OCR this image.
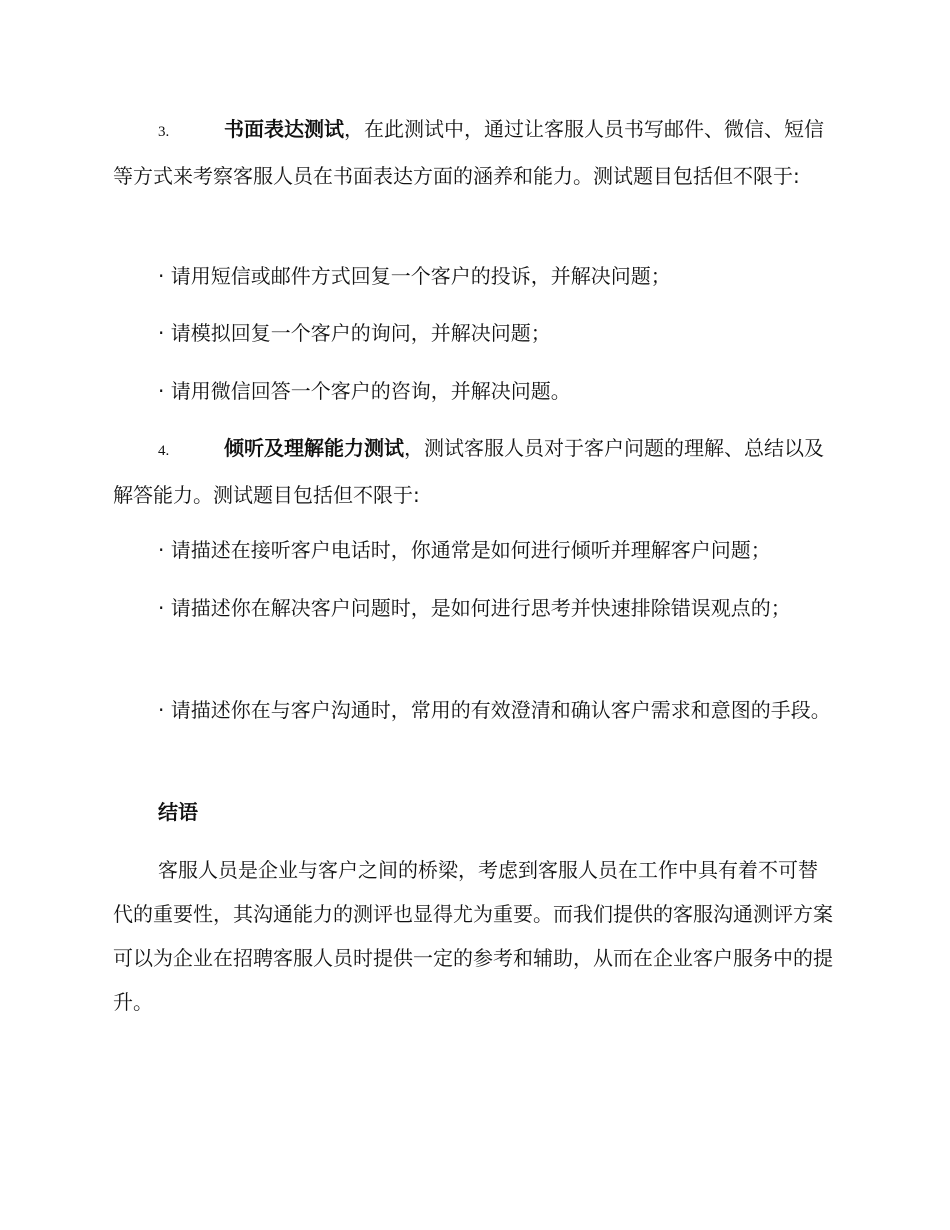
3.	书面表达测试，在此测试中，通过让客服人员书写邮件、微信、短信等方式来考察客服人员在书面表达方面的涵养和能力。测试题目包括但不限于:

· 请用短信或邮件方式回复一个客户的投诉，并解决问题；

· 请模拟回复一个客户的询问，并解决问题；

· 请用微信回答一个客户的咨询，并解决问题。

4.	倾听及理解能力测试，测试客服人员对于客户问题的理解、总结以及解答能力。测试题目包括但不限于:

· 请描述在接听客户电话时，你通常是如何进行倾听并理解客户问题；

· 请描述你在解决客户问题时，是如何进行思考并快速排除错误观点的；

· 请描述你在与客户沟通时，常用的有效澄清和确认客户需求和意图的手段。

结语

客服人员是企业与客户之间的桥梁，考虑到客服人员在工作中具有着不可替代的重要性，其沟通能力的测评也显得尤为重要。而我们提供的客服沟通测评方案可以为企业在招聘客服人员时提供一定的参考和辅助，从而在企业客户服务中的提升。
